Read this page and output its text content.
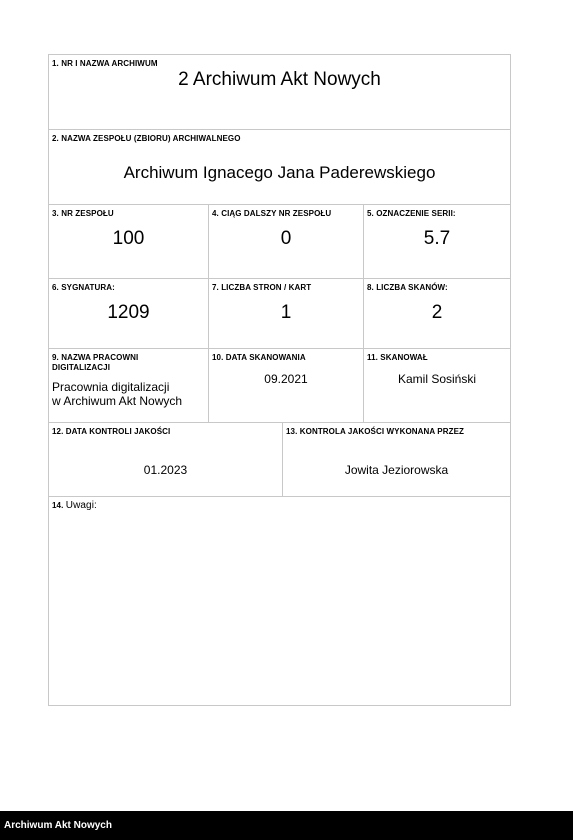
1. NR I NAZWA ARCHIWUM
2 Archiwum Akt Nowych
2. NAZWA ZESPOŁU (ZBIORU) ARCHIWALNEGO
Archiwum Ignacego Jana Paderewskiego
3. NR ZESPOŁU
100
4. CIĄG DALSZY NR ZESPOŁU
0
5. OZNACZENIE SERII:
5.7
6. SYGNATURA:
1209
7. LICZBA STRON / KART
1
8. LICZBA SKANÓW:
2
9. NAZWA PRACOWNI DIGITALIZACJI
Pracownia digitalizacji
w Archiwum Akt Nowych
10. DATA SKANOWANIA
09.2021
11. SKANOWAŁ
Kamil Sosiński
12. DATA KONTROLI JAKOŚCI
01.2023
13. KONTROLA JAKOŚCI WYKONANA PRZEZ
Jowita Jeziorowska
14. Uwagi:
Archiwum Akt Nowych
